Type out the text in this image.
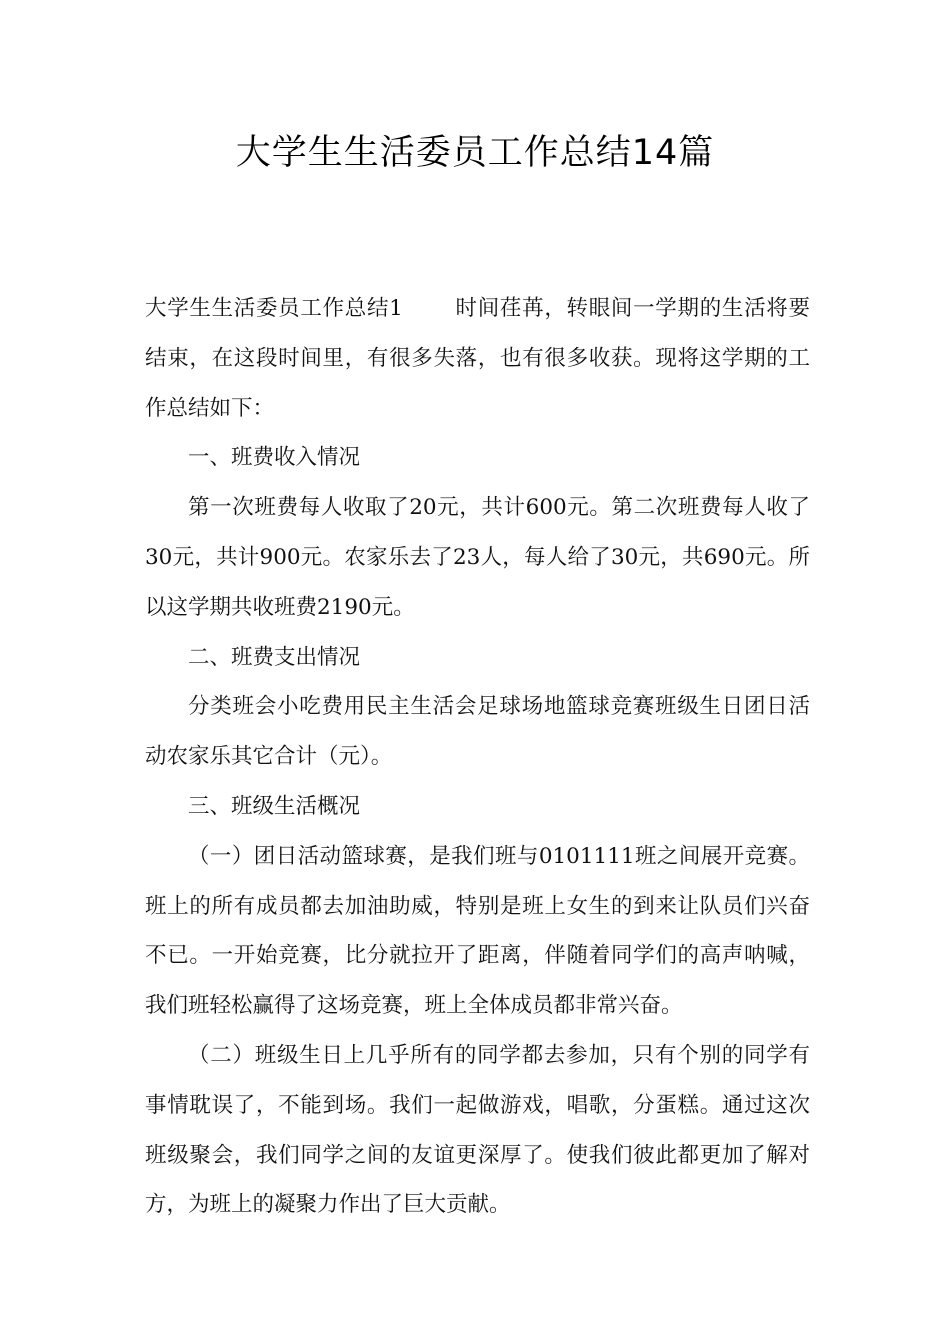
大学生生活委员工作总结14篇

大学生生活委员工作总结1 时间荏苒，转眼间一学期的生活将要结束，在这段时间里，有很多失落，也有很多收获。现将这学期的工作总结如下：

一、班费收入情况

第一次班费每人收取了20元，共计600元。第二次班费每人收了30元，共计900元。农家乐去了23人，每人给了30元，共690元。所以这学期共收班费2190元。

二、班费支出情况

分类班会小吃费用民主生活会足球场地篮球竞赛班级生日团日活动农家乐其它合计（元）。

三、班级生活概况

（一）团日活动篮球赛，是我们班与0101111班之间展开竞赛。班上的所有成员都去加油助威，特别是班上女生的到来让队员们兴奋不已。一开始竞赛，比分就拉开了距离，伴随着同学们的高声呐喊，我们班轻松赢得了这场竞赛，班上全体成员都非常兴奋。

（二）班级生日上几乎所有的同学都去参加，只有个别的同学有事情耽误了，不能到场。我们一起做游戏，唱歌，分蛋糕。通过这次班级聚会，我们同学之间的友谊更深厚了。使我们彼此都更加了解对方，为班上的凝聚力作出了巨大贡献。
